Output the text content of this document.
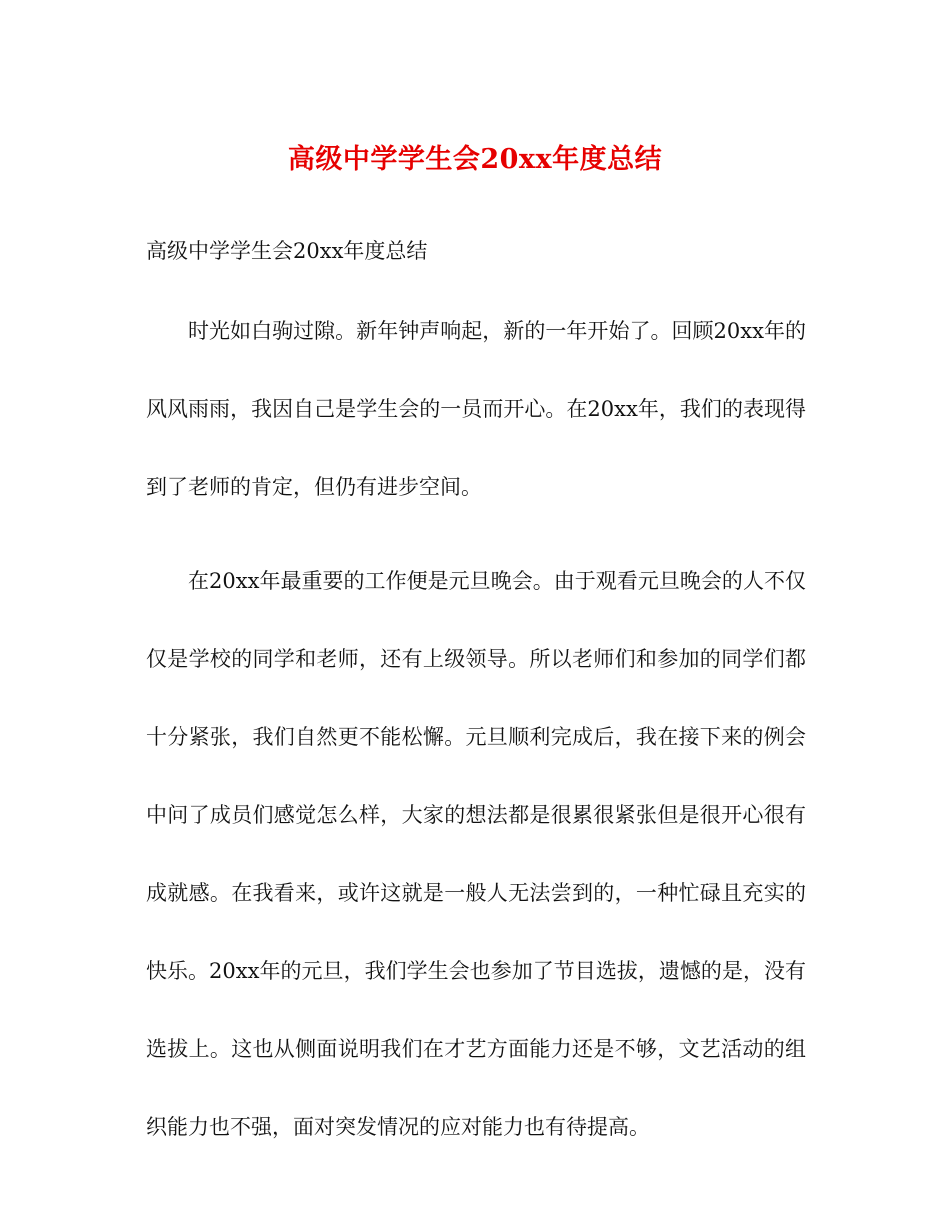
高级中学学生会20xx年度总结

高级中学学生会20xx年度总结

时光如白驹过隙。新年钟声响起，新的一年开始了。回顾20xx年的风风雨雨，我因自己是学生会的一员而开心。在20xx年，我们的表现得到了老师的肯定，但仍有进步空间。

在20xx年最重要的工作便是元旦晚会。由于观看元旦晚会的人不仅仅是学校的同学和老师，还有上级领导。所以老师们和参加的同学们都十分紧张，我们自然更不能松懈。元旦顺利完成后，我在接下来的例会中问了成员们感觉怎么样，大家的想法都是很累很紧张但是很开心很有成就感。在我看来，或许这就是一般人无法尝到的，一种忙碌且充实的快乐。20xx年的元旦，我们学生会也参加了节目选拔，遗憾的是，没有选拔上。这也从侧面说明我们在才艺方面能力还是不够，文艺活动的组织能力也不强，面对突发情况的应对能力也有待提高。
